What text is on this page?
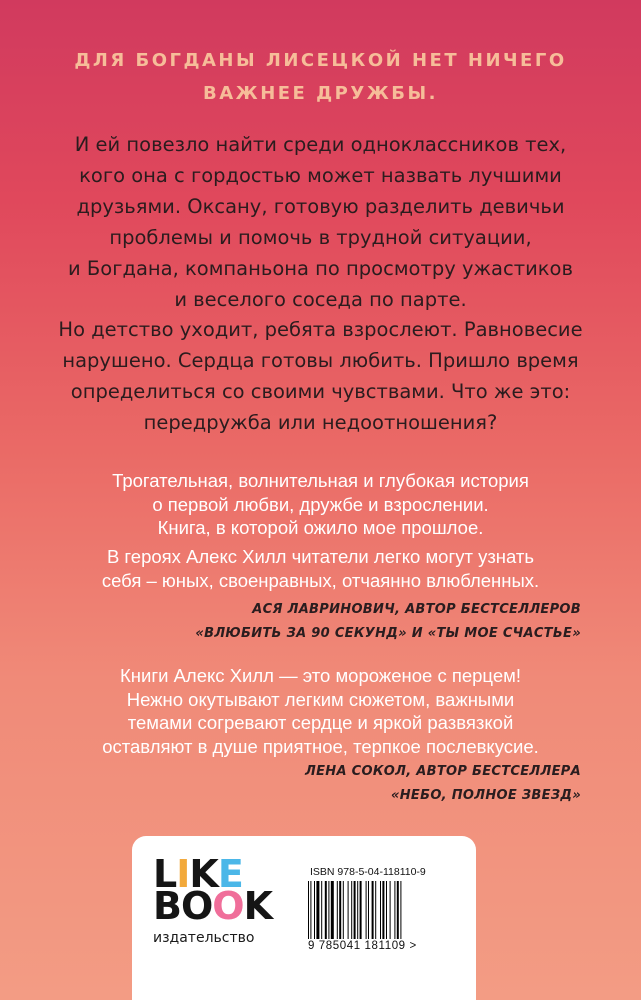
ДЛЯ БОГДАНЫ ЛИСЕЦКОЙ НЕТ НИЧЕГО
ВАЖНЕЕ ДРУЖБЫ.
И ей повезло найти среди одноклассников тех,
кого она с гордостью может назвать лучшими
друзьями. Оксану, готовую разделить девичьи
проблемы и помочь в трудной ситуации,
и Богдана, компаньона по просмотру ужастиков
и веселого соседа по парте.
Но детство уходит, ребята взрослеют. Равновесие
нарушено. Сердца готовы любить. Пришло время
определиться со своими чувствами. Что же это:
передружба или недоотношения?
Трогательная, волнительная и глубокая история
о первой любви, дружбе и взрослении.
Книга, в которой ожило мое прошлое.
В героях Алекс Хилл читатели легко могут узнать
себя – юных, своенравных, отчаянно влюбленных.
АСЯ ЛАВРИНОВИЧ, АВТОР БЕСТСЕЛЛЕРОВ
«ВЛЮБИТЬ ЗА 90 СЕКУНД» И «ТЫ МОЕ СЧАСТЬЕ»
Книги Алекс Хилл — это мороженое с перцем!
Нежно окутывают легким сюжетом, важными
темами согревают сердце и яркой развязкой
оставляют в душе приятное, терпкое послевкусие.
ЛЕНА СОКОЛ, АВТОР БЕСТСЕЛЛЕРА
«НЕБО, ПОЛНОЕ ЗВЕЗД»
LIKE
BOOK
издательство
ISBN 978-5-04-118110-9
9 785041 181109 >
